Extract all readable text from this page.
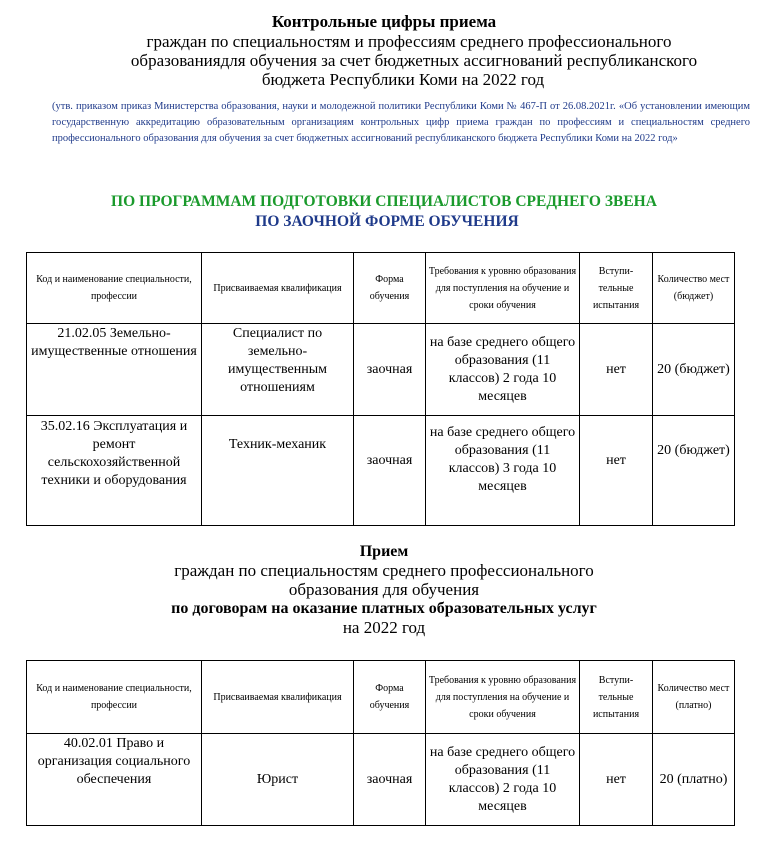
Контрольные цифры приема
граждан по специальностям и профессиям среднего профессионального
образованиядля обучения за счет бюджетных ассигнований республиканского
бюджета Республики Коми на 2022 год
(утв. приказом приказ Министерства образования, науки и молодежной политики Республики Коми № 467-П от 26.08.2021г. «Об установлении имеющим государственную аккредитацию образовательным организациям контрольных цифр приема граждан по профессиям и специальностям среднего профессионального образования для обучения за счет бюджетных ассигнований республиканского бюджета Республики Коми на 2022 год»
ПО ПРОГРАММАМ ПОДГОТОВКИ СПЕЦИАЛИСТОВ СРЕДНЕГО ЗВЕНА
ПО ЗАОЧНОЙ ФОРМЕ ОБУЧЕНИЯ
Код и наименование специальности, профессии	Присваиваемая квалификация	Форма обучения	Требования к уровню образования для поступления на обучение и сроки обучения	Вступи-тельные испытания	Количество мест (бюджет)
21.02.05 Земельно-имущественные отношения	Специалист по земельно-имущественным отношениям	заочная	на базе среднего общего образования (11 классов) 2 года 10 месяцев	нет	20 (бюджет)
35.02.16 Эксплуатация и ремонт сельскохозяйственной техники и оборудования	Техник-механик	заочная	на базе среднего общего образования (11 классов) 3 года 10 месяцев	нет	20 (бюджет)
Прием
граждан по специальностям среднего профессионального
образования для обучения
по договорам на оказание платных образовательных услуг
на 2022 год
Код и наименование специальности, профессии	Присваиваемая квалификация	Форма обучения	Требования к уровню образования для поступления на обучение и сроки обучения	Вступи-тельные испытания	Количество мест (платно)
40.02.01 Право и организация социального обеспечения	Юрист	заочная	на базе среднего общего образования (11 классов) 2 года 10 месяцев	нет	20 (платно)
